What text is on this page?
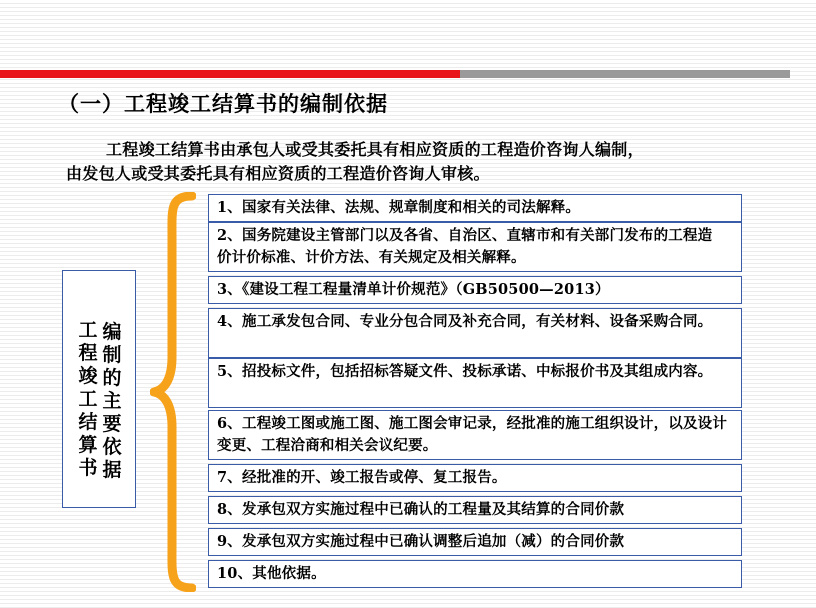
（一）工程竣工结算书的编制依据
工程竣工结算书由承包人或受其委托具有相应资质的工程造价咨询人编制，
由发包人或受其委托具有相应资质的工程造价咨询人审核。
工
程
竣
工
结
算
书
编
制
的
主
要
依
据
1、国家有关法律、法规、规章制度和相关的司法解释。
2、国务院建设主管部门以及各省、自治区、直辖市和有关部门发布的工程造　价计价标准、计价方法、有关规定及相关解释。
3、《建设工程工程量清单计价规范》（GB50500—2013）
4、施工承发包合同、专业分包合同及补充合同，有关材料、设备采购合同。
5、招投标文件，包括招标答疑文件、投标承诺、中标报价书及其组成内容。
6、工程竣工图或施工图、施工图会审记录，经批准的施工组织设计，以及设计变更、工程洽商和相关会议纪要。
7、经批准的开、竣工报告或停、复工报告。
8、发承包双方实施过程中已确认的工程量及其结算的合同价款
9、发承包双方实施过程中已确认调整后追加（减）的合同价款
10、其他依据。
